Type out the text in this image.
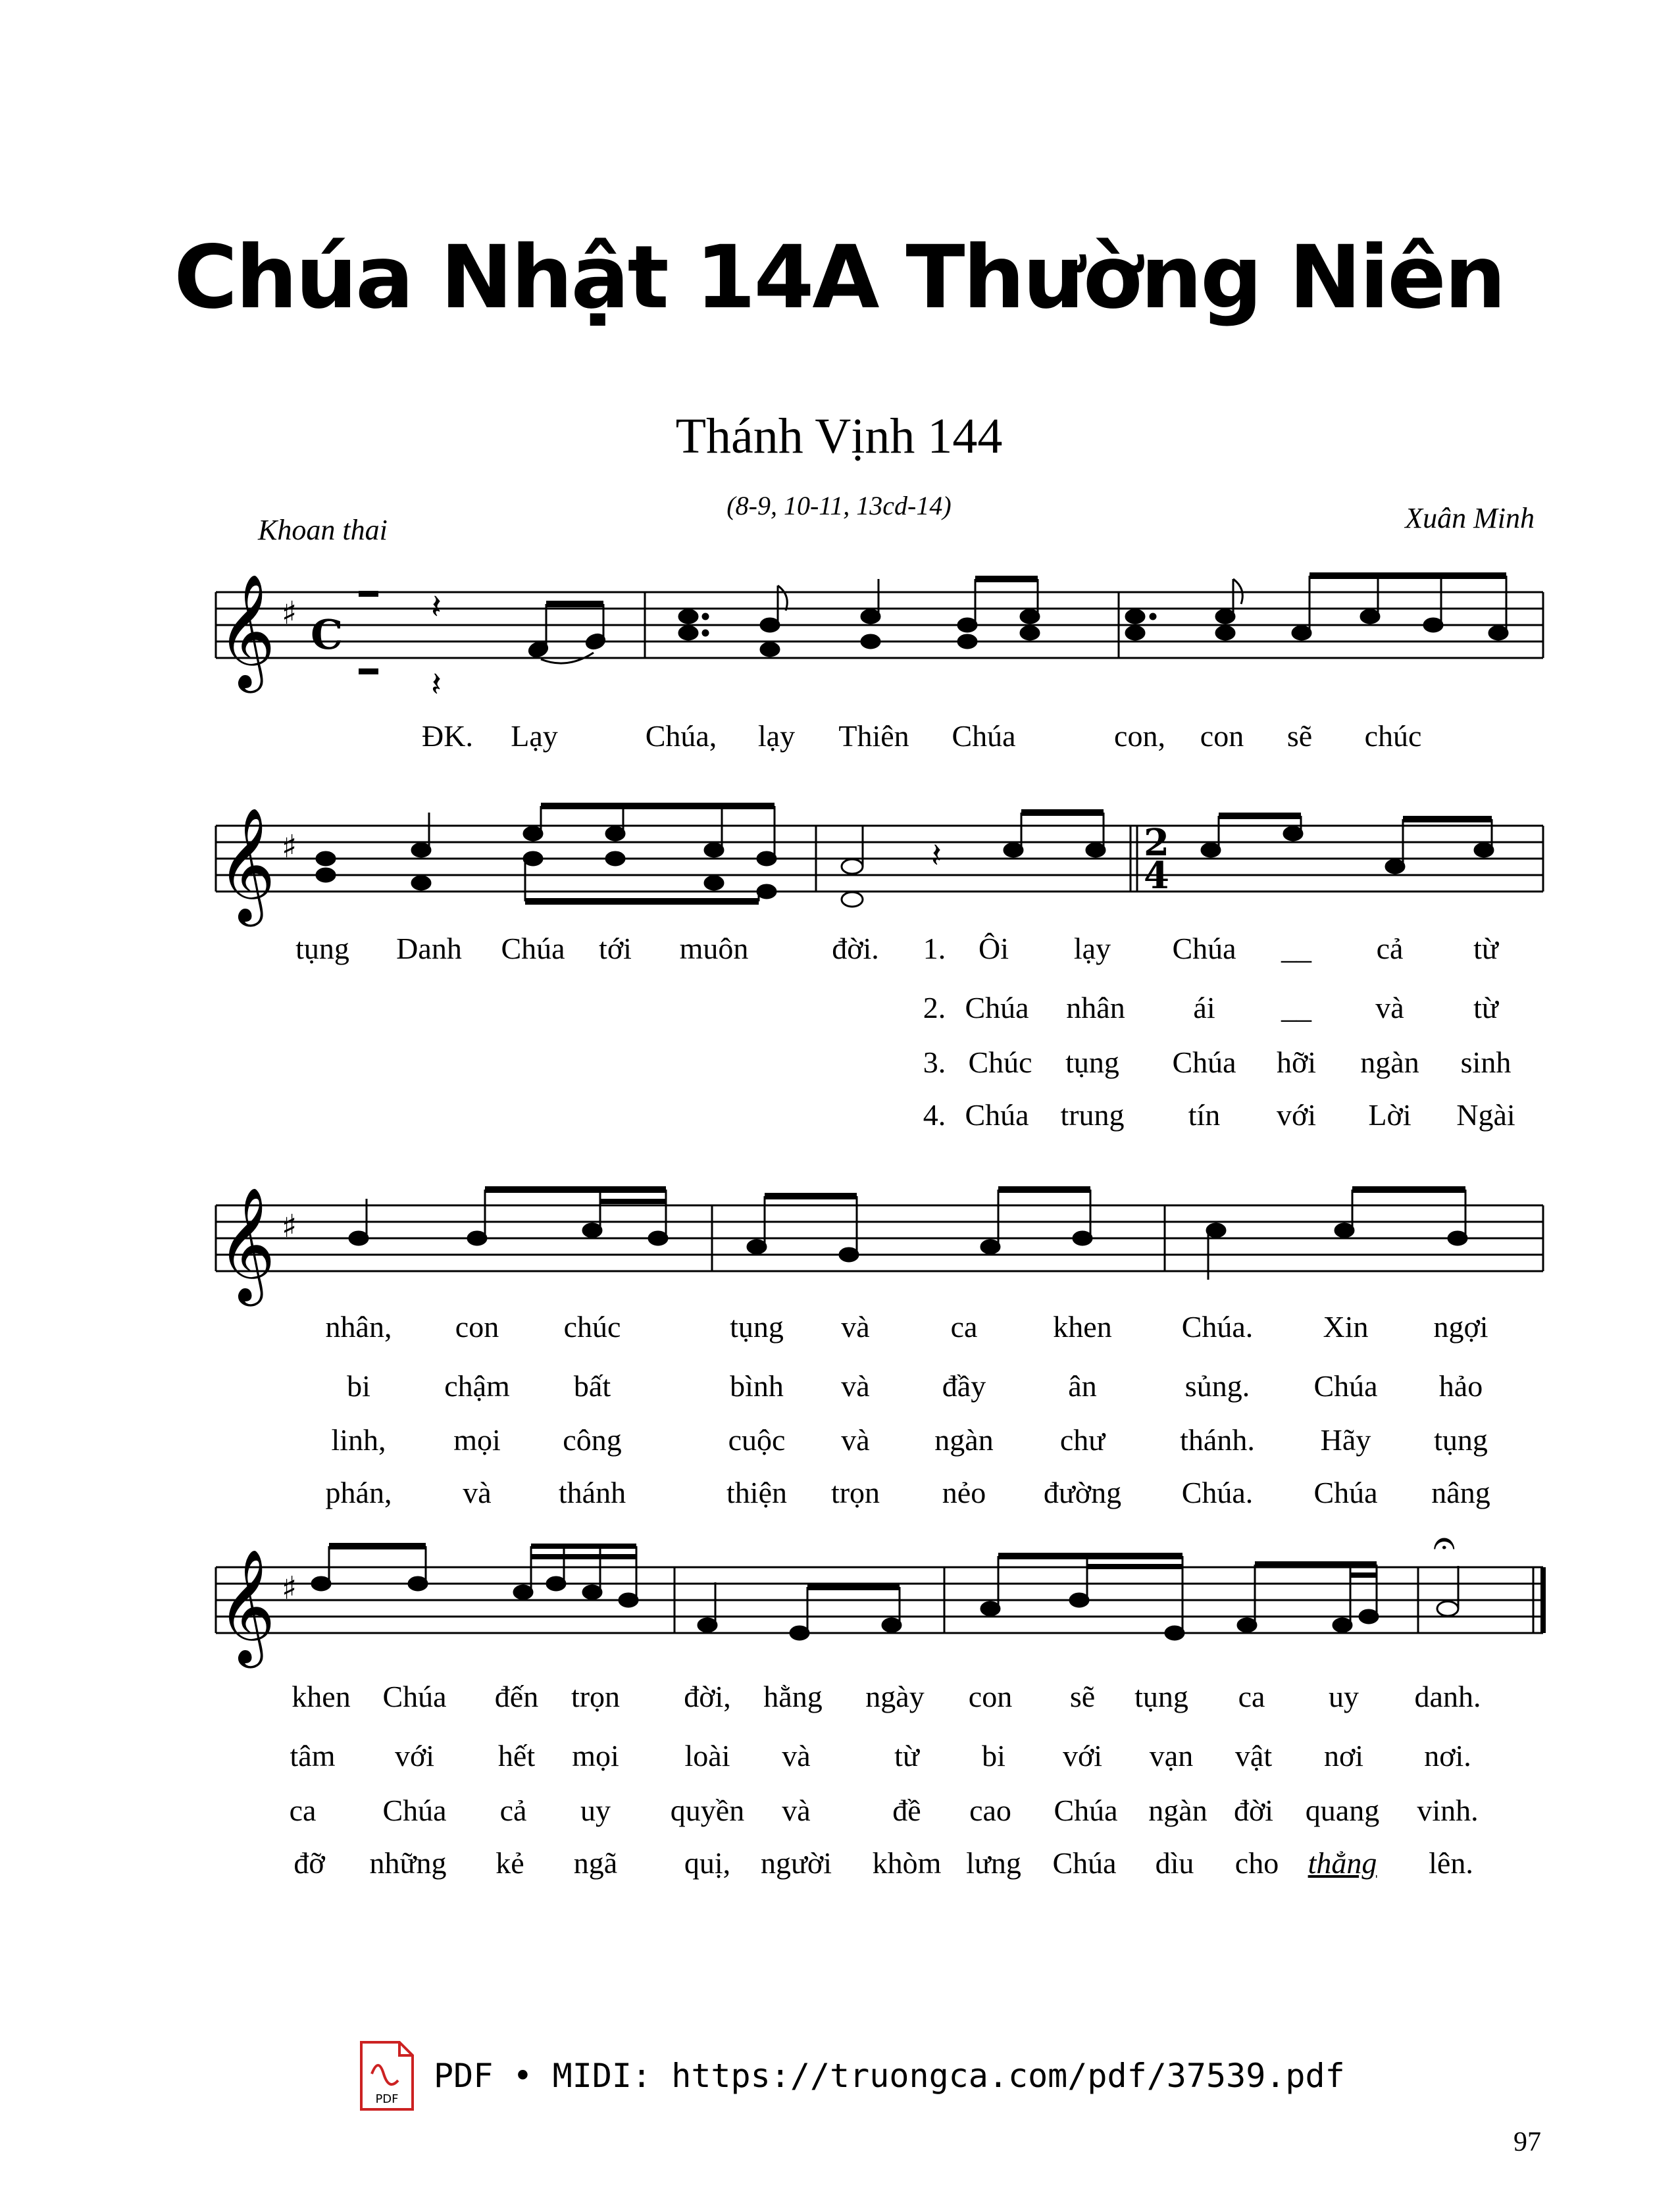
Chúa Nhật 14A Thường Niên
Thánh Vịnh 144
(8-9, 10-11, 13cd-14)
Khoan thai	Xuân Minh
𝄞 ♯ C
𝄽
𝄽
𝄞 ♯	2
4
𝄽
𝄞 ♯
𝄞 ♯
𝄐
ĐK. Lạy	Chúa, lạy Thiên Chúa	con, con sẽ chúc
tụng Danh Chúa tới muôn	đời. 1. Ôi lạy Chúa __ cả từ
2. Chúa nhân ái __ và từ
3. Chúc tụng Chúa hỡi ngàn sinh
4. Chúa trung tín với Lời Ngài
nhân, con chúc	tụng và	ca khen Chúa. Xin ngợi
bi chậm bất	bình và đầy	ân	sủng. Chúa hảo
linh, mọi công	cuộc và ngàn chư thánh. Hãy tụng
phán, và thánh	thiện trọn nẻo đường Chúa. Chúa nâng
khen Chúa đến trọn đời, hằng ngày con sẽ tụng ca uy danh.
tâm với hết mọi loài và	từ bi với vạn vật nơi nơi.
ca Chúa cả uy quyền và	đề cao Chúa ngàn đời quang vinh.
đỡ những kẻ ngã quị, người khòm lưng Chúa dìu cho thẳng lên.
PDF
PDF • MIDI: https://truongca.com/pdf/37539.pdf
97
